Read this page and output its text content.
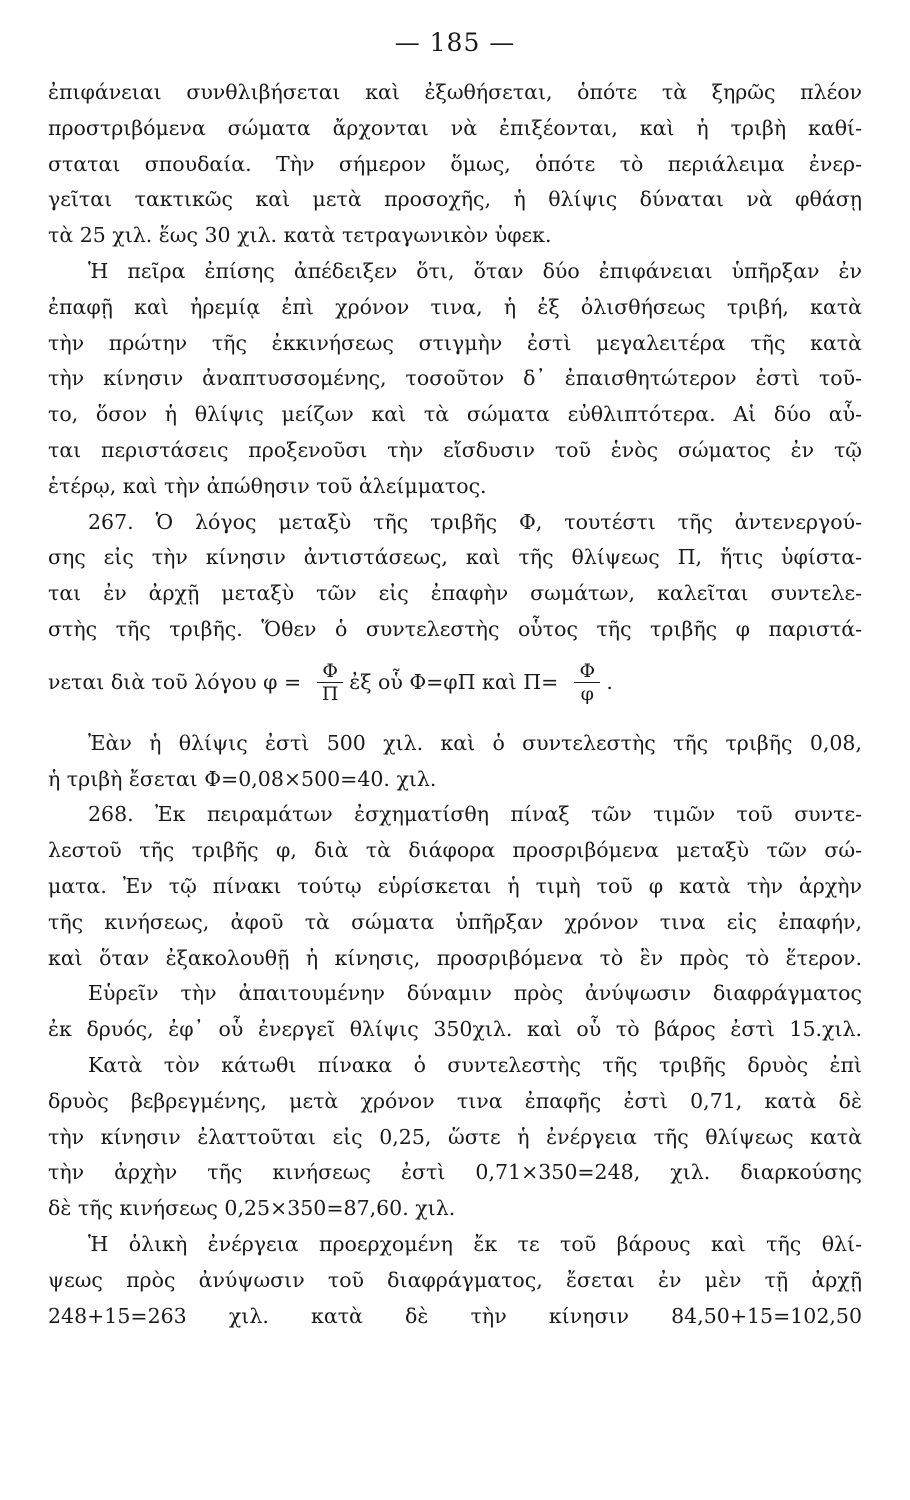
— 185 —
ἐπιφάνειαι συνθλιβήσεται καὶ ἐξωθήσεται, ὁπότε τὰ ξηρῶς πλέον
προστριβόμενα σώματα ἄρχονται νὰ ἐπιξέονται, καὶ ἡ τριβὴ καθί-
σταται σπουδαία. Τὴν σήμερον ὅμως, ὁπότε τὸ περιάλειμα ἐνερ-
γεῖται τακτικῶς καὶ μετὰ προσοχῆς, ἡ θλίψις δύναται νὰ φθάσῃ
τὰ 25 χιλ. ἕως 30 χιλ. κατὰ τετραγωνικὸν ὑφεκ.
Ἡ πεῖρα ἐπίσης ἀπέδειξεν ὅτι, ὅταν δύο ἐπιφάνειαι ὑπῆρξαν ἐν
ἐπαφῇ καὶ ἠρεμίᾳ ἐπὶ χρόνον τινα, ἡ ἐξ ὀλισθήσεως τριβή, κατὰ
τὴν πρώτην τῆς ἐκκινήσεως στιγμὴν ἐστὶ μεγαλειτέρα τῆς κατὰ
τὴν κίνησιν ἀναπτυσσομένης, τοσοῦτον δ᾽ ἐπαισθητώτερον ἐστὶ τοῦ-
το, ὅσον ἡ θλίψις μείζων καὶ τὰ σώματα εὐθλιπτότερα. Αἱ δύο αὗ-
ται περιστάσεις προξενοῦσι τὴν εἴσδυσιν τοῦ ἑνὸς σώματος ἐν τῷ
ἑτέρῳ, καὶ τὴν ἀπώθησιν τοῦ ἀλείμματος.
267. Ὁ λόγος μεταξὺ τῆς τριβῆς Φ, τουτέστι τῆς ἀντενεργού-
σης εἰς τὴν κίνησιν ἀντιστάσεως, καὶ τῆς θλίψεως Π, ἥτις ὑφίστα-
ται ἐν ἀρχῇ μεταξὺ τῶν εἰς ἐπαφὴν σωμάτων, καλεῖται συντελε-
στὴς τῆς τριβῆς. Ὅθεν ὁ συντελεστὴς οὗτος τῆς τριβῆς φ παριστά-
νεται διὰ τοῦ λόγου $\varphi = \frac{\Phi}{\Pi}$ ἐξ οὗ Φ=φΠ καὶ $\Pi= \frac{\Phi}{\varphi}$ .
Ἐὰν ἡ θλίψις ἐστὶ 500 χιλ. καὶ ὁ συντελεστὴς τῆς τριβῆς 0,08,
ἡ τριβὴ ἔσεται Φ=0,08×500=40. χιλ.
268. Ἐκ πειραμάτων ἐσχηματίσθη πίναξ τῶν τιμῶν τοῦ συντε-
λεστοῦ τῆς τριβῆς φ, διὰ τὰ διάφορα προσριβόμενα μεταξὺ τῶν σώ-
ματα. Ἐν τῷ πίνακι τούτῳ εὑρίσκεται ἡ τιμὴ τοῦ φ κατὰ τὴν ἀρχὴν
τῆς κινήσεως, ἀφοῦ τὰ σώματα ὑπῆρξαν χρόνον τινα εἰς ἐπαφήν,
καὶ ὅταν ἐξακολουθῇ ἡ κίνησις, προσριβόμενα τὸ ἓν πρὸς τὸ ἕτερον.
Εὑρεῖν τὴν ἀπαιτουμένην δύναμιν πρὸς ἀνύψωσιν διαφράγματος
ἐκ δρυός, ἐφ᾽ οὗ ἐνεργεῖ θλίψις 350χιλ. καὶ οὗ τὸ βάρος ἐστὶ 15.χιλ.
Κατὰ τὸν κάτωθι πίνακα ὁ συντελεστὴς τῆς τριβῆς δρυὸς ἐπὶ
δρυὸς βεβρεγμένης, μετὰ χρόνον τινα ἐπαφῆς ἐστὶ 0,71, κατὰ δὲ
τὴν κίνησιν ἐλαττοῦται εἰς 0,25, ὥστε ἡ ἐνέργεια τῆς θλίψεως κατὰ
τὴν ἀρχὴν τῆς κινήσεως ἐστὶ 0,71×350=248, χιλ. διαρκούσης
δὲ τῆς κινήσεως 0,25×350=87,60. χιλ.
Ἡ ὁλικὴ ἐνέργεια προερχομένη ἔκ τε τοῦ βάρους καὶ τῆς θλί-
ψεως πρὸς ἀνύψωσιν τοῦ διαφράγματος, ἔσεται ἐν μὲν τῇ ἀρχῇ
248+15=263 χιλ. κατὰ δὲ τὴν κίνησιν 84,50+15=102,50
